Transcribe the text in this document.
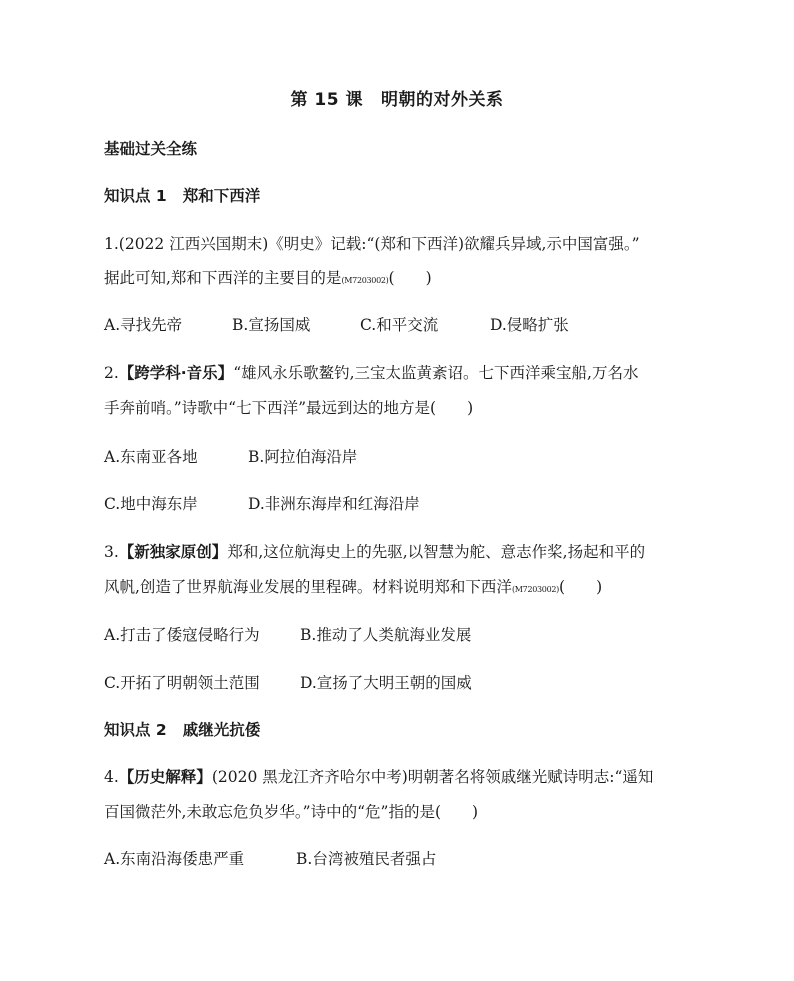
第 15 课 明朝的对外关系
基础过关全练
知识点 1 郑和下西洋
1.(2022 江西兴国期末)《明史》记载:“(郑和下西洋)欲耀兵异域,示中国富强。”
据此可知,郑和下西洋的主要目的是(M7203002)(　　)
A.寻找先帝	B.宣扬国威	C.和平交流	D.侵略扩张
2.【跨学科·音乐】“雄风永乐歌鳌钓,三宝太监黄紊诏。七下西洋乘宝船,万名水
手奔前哨。”诗歌中“七下西洋”最远到达的地方是(　　)
A.东南亚各地	B.阿拉伯海沿岸
C.地中海东岸	D.非洲东海岸和红海沿岸
3.【新独家原创】郑和,这位航海史上的先驱,以智慧为舵、意志作桨,扬起和平的
风帆,创造了世界航海业发展的里程碑。材料说明郑和下西洋(M7203002)(　　)
A.打击了倭寇侵略行为	B.推动了人类航海业发展
C.开拓了明朝领土范围	D.宣扬了大明王朝的国威
知识点 2 戚继光抗倭
4.【历史解释】(2020 黑龙江齐齐哈尔中考)明朝著名将领戚继光赋诗明志:“遥知
百国微茫外,未敢忘危负岁华。”诗中的“危”指的是(　　)
A.东南沿海倭患严重	B.台湾被殖民者强占
